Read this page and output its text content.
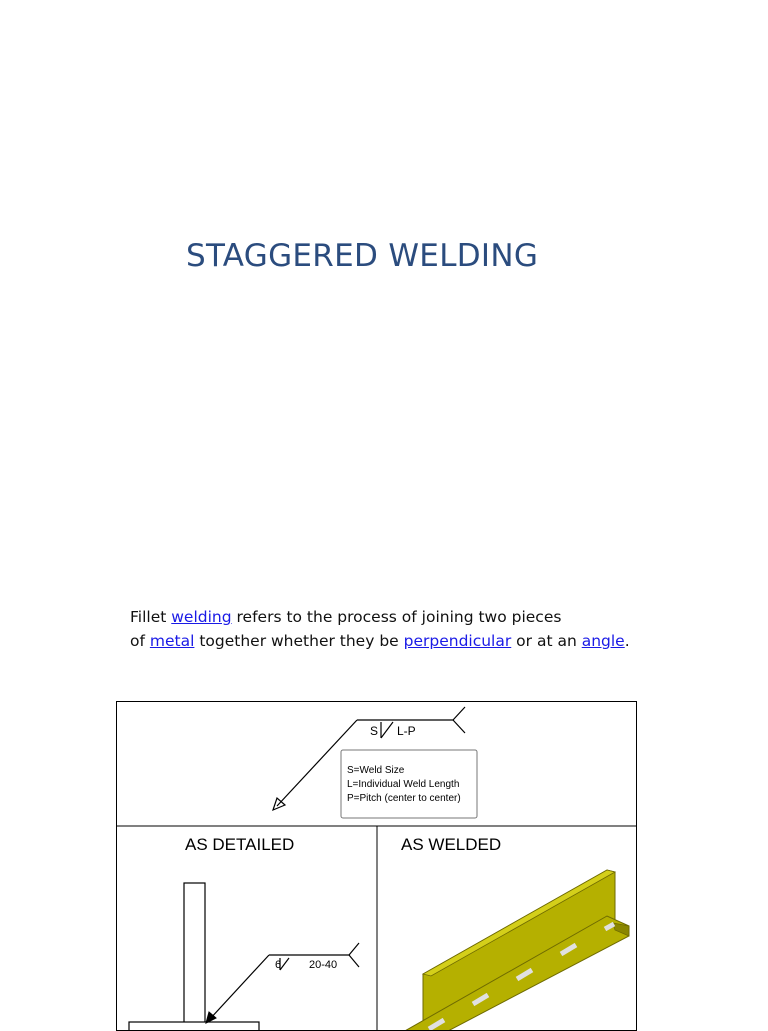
STAGGERED WELDING
Fillet welding refers to the process of joining two pieces
of metal together whether they be perpendicular or at an angle.
S L-P
S=Weld Size
L=Individual Weld Length
P=Pitch (center to center)
AS DETAILED
6	20-40
AS WELDED
